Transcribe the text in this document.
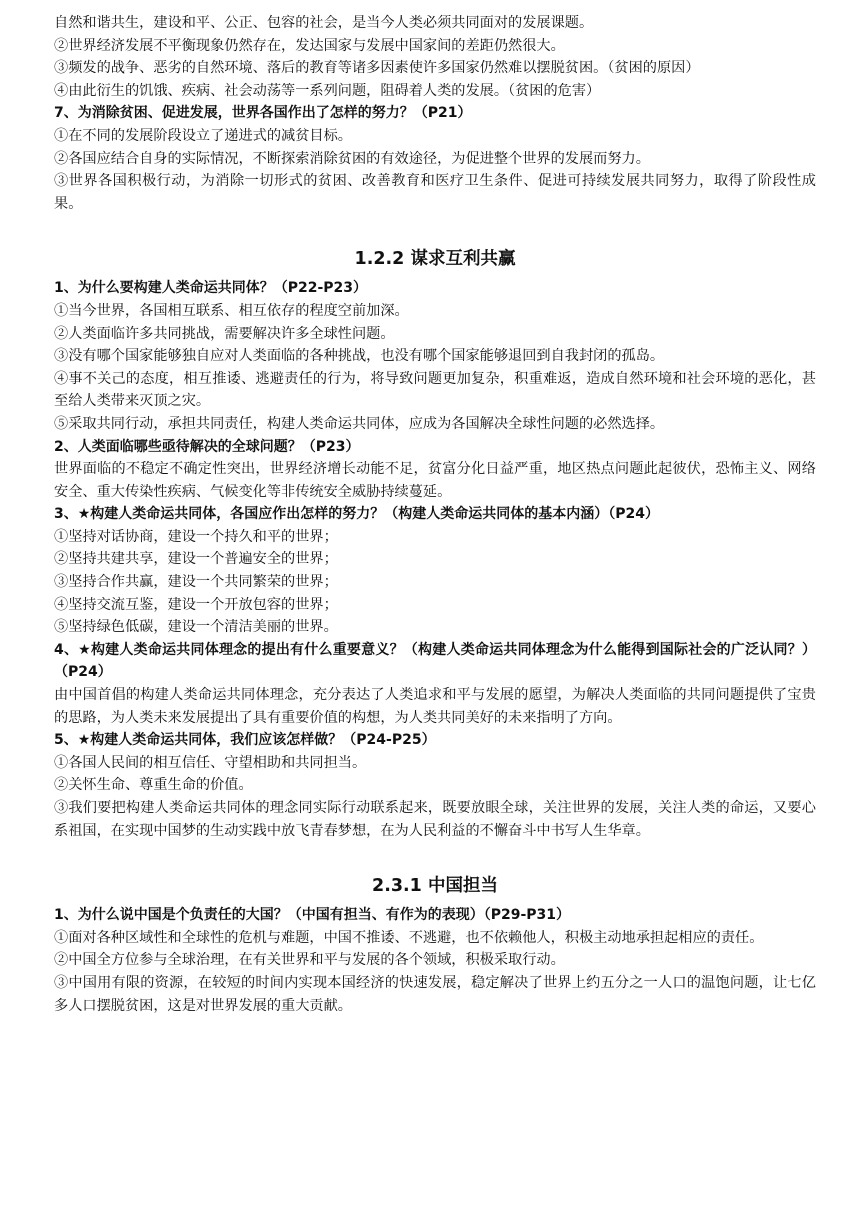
自然和谐共生，建设和平、公正、包容的社会，是当今人类必须共同面对的发展课题。

②世界经济发展不平衡现象仍然存在，发达国家与发展中国家间的差距仍然很大。

③频发的战争、恶劣的自然环境、落后的教育等诸多因素使许多国家仍然难以摆脱贫困。（贫困的原因）

④由此衍生的饥饿、疾病、社会动荡等一系列问题，阻碍着人类的发展。（贫困的危害）

7、为消除贫困、促进发展，世界各国作出了怎样的努力？（P21）

①在不同的发展阶段设立了递进式的减贫目标。

②各国应结合自身的实际情况，不断探索消除贫困的有效途径，为促进整个世界的发展而努力。

③世界各国积极行动，为消除一切形式的贫困、改善教育和医疗卫生条件、促进可持续发展共同努力，取得了阶段性成果。

1.2.2 谋求互利共赢

1、为什么要构建人类命运共同体？（P22-P23）

①当今世界，各国相互联系、相互依存的程度空前加深。

②人类面临许多共同挑战，需要解决许多全球性问题。

③没有哪个国家能够独自应对人类面临的各种挑战，也没有哪个国家能够退回到自我封闭的孤岛。

④事不关己的态度，相互推诿、逃避责任的行为，将导致问题更加复杂，积重难返，造成自然环境和社会环境的恶化，甚至给人类带来灭顶之灾。

⑤采取共同行动，承担共同责任，构建人类命运共同体，应成为各国解决全球性问题的必然选择。

2、人类面临哪些亟待解决的全球问题？（P23）

世界面临的不稳定不确定性突出，世界经济增长动能不足，贫富分化日益严重，地区热点问题此起彼伏，恐怖主义、网络安全、重大传染性疾病、气候变化等非传统安全威胁持续蔓延。

3、★构建人类命运共同体，各国应作出怎样的努力？（构建人类命运共同体的基本内涵）（P24）

①坚持对话协商，建设一个持久和平的世界；

②坚持共建共享，建设一个普遍安全的世界；

③坚持合作共赢，建设一个共同繁荣的世界；

④坚持交流互鉴，建设一个开放包容的世界；

⑤坚持绿色低碳，建设一个清洁美丽的世界。

4、★构建人类命运共同体理念的提出有什么重要意义？（构建人类命运共同体理念为什么能得到国际社会的广泛认同？）（P24）

由中国首倡的构建人类命运共同体理念，充分表达了人类追求和平与发展的愿望，为解决人类面临的共同问题提供了宝贵的思路，为人类未来发展提出了具有重要价值的构想，为人类共同美好的未来指明了方向。

5、★构建人类命运共同体，我们应该怎样做？（P24-P25）

①各国人民间的相互信任、守望相助和共同担当。

②关怀生命、尊重生命的价值。

③我们要把构建人类命运共同体的理念同实际行动联系起来，既要放眼全球，关注世界的发展，关注人类的命运，又要心系祖国，在实现中国梦的生动实践中放飞青春梦想，在为人民利益的不懈奋斗中书写人生华章。

2.3.1 中国担当

1、为什么说中国是个负责任的大国？（中国有担当、有作为的表现）（P29-P31）

①面对各种区域性和全球性的危机与难题，中国不推诿、不逃避，也不依赖他人，积极主动地承担起相应的责任。

②中国全方位参与全球治理，在有关世界和平与发展的各个领域，积极采取行动。

③中国用有限的资源，在较短的时间内实现本国经济的快速发展，稳定解决了世界上约五分之一人口的温饱问题，让七亿多人口摆脱贫困，这是对世界发展的重大贡献。
